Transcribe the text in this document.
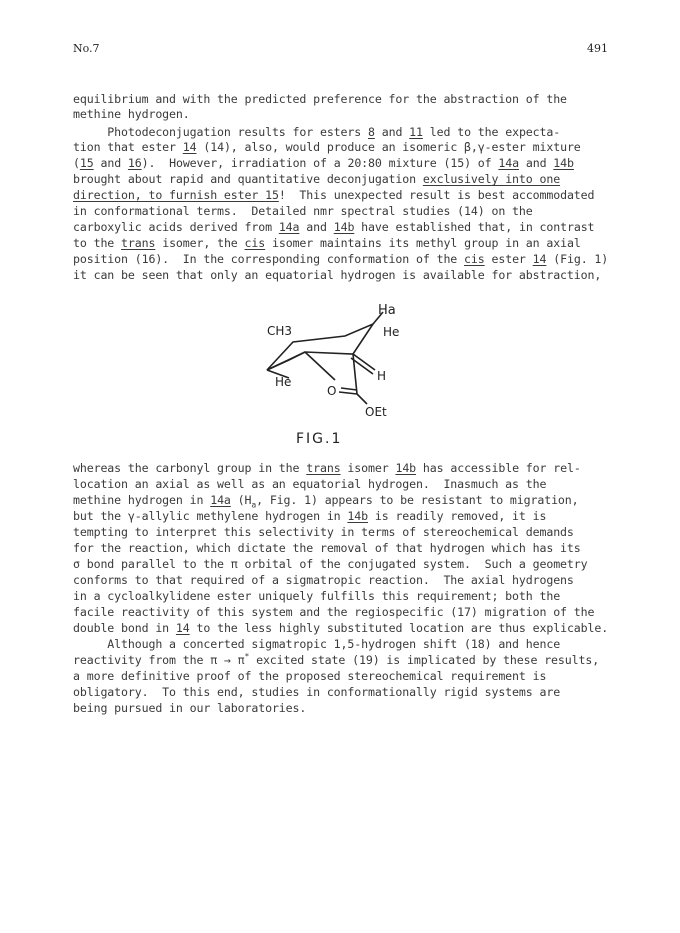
No.7	491
equilibrium and with the predicted preference for the abstraction of the
methine hydrogen.
Photodeconjugation results for esters 8 and 11 led to the expecta-
tion that ester 14 (14), also, would produce an isomeric β,γ-ester mixture
(15 and 16).  However, irradiation of a 20:80 mixture (15) of 14a and 14b
brought about rapid and quantitative deconjugation exclusively into one
direction, to furnish ester 15!  This unexpected result is best accommodated
in conformational terms.  Detailed nmr spectral studies (14) on the
carboxylic acids derived from 14a and 14b have established that, in contrast
to the trans isomer, the cis isomer maintains its methyl group in an axial
position (16).  In the corresponding conformation of the cis ester 14 (Fig. 1)
it can be seen that only an equatorial hydrogen is available for abstraction,
Ha
CH3	He
He	H
O
OEt
FIG.1
whereas the carbonyl group in the trans isomer 14b has accessible for rel-
location an axial as well as an equatorial hydrogen.  Inasmuch as the
methine hydrogen in 14a ($H_a$, Fig. 1) appears to be resistant to migration,
but the γ-allylic methylene hydrogen in 14b is readily removed, it is
tempting to interpret this selectivity in terms of stereochemical demands
for the reaction, which dictate the removal of that hydrogen which has its
σ bond parallel to the π orbital of the conjugated system.  Such a geometry
conforms to that required of a sigmatropic reaction.  The axial hydrogens
in a cycloalkylidene ester uniquely fulfills this requirement; both the
facile reactivity of this system and the regiospecific (17) migration of the
double bond in 14 to the less highly substituted location are thus explicable.
Although a concerted sigmatropic 1,5-hydrogen shift (18) and hence
reactivity from the π → π* excited state (19) is implicated by these results,
a more definitive proof of the proposed stereochemical requirement is
obligatory.  To this end, studies in conformationally rigid systems are
being pursued in our laboratories.
